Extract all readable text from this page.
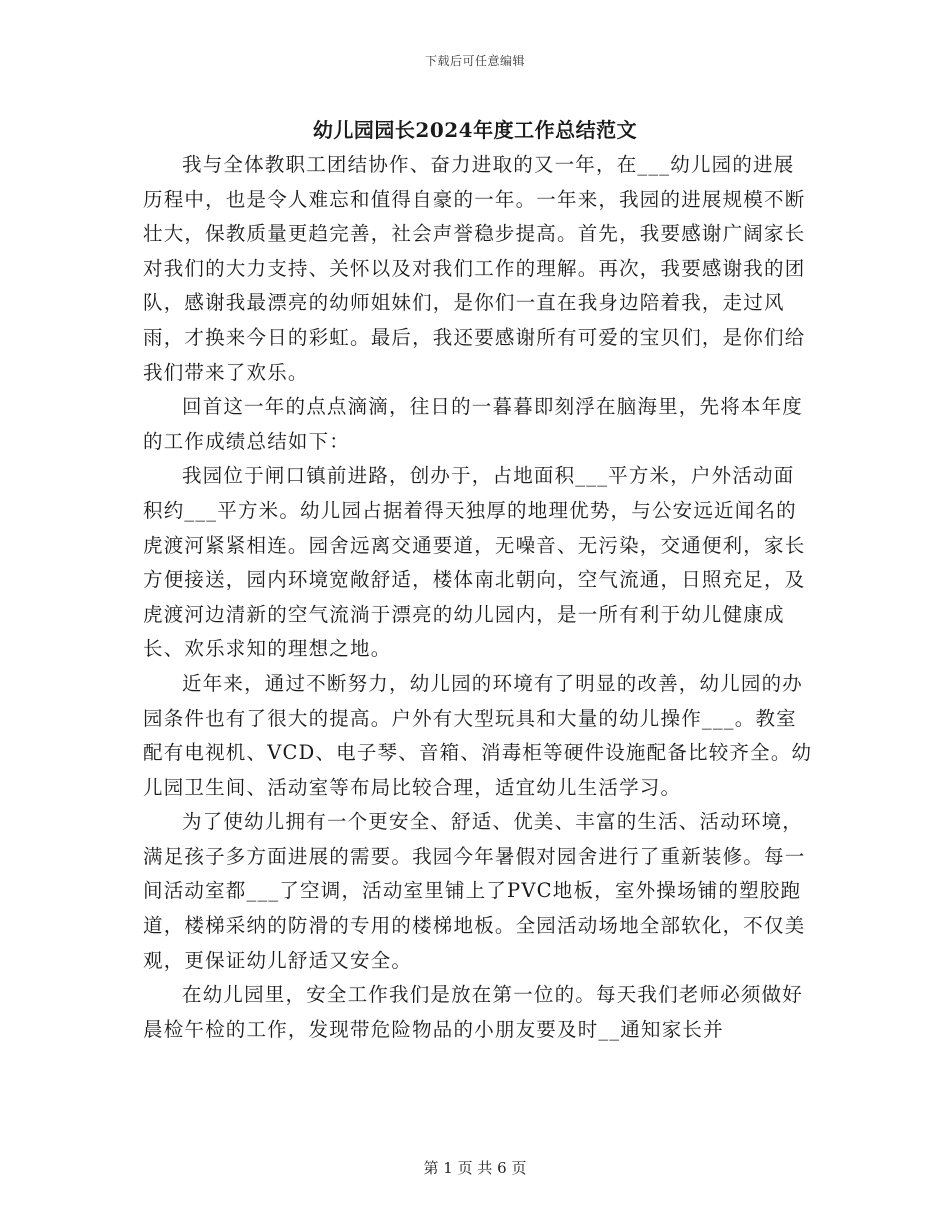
下载后可任意编辑
幼儿园园长2024年度工作总结范文

我与全体教职工团结协作、奋力进取的又一年，在___幼儿园的进展历程中，也是令人难忘和值得自豪的一年。一年来，我园的进展规模不断壮大，保教质量更趋完善，社会声誉稳步提高。首先，我要感谢广阔家长对我们的大力支持、关怀以及对我们工作的理解。再次，我要感谢我的团队，感谢我最漂亮的幼师姐妹们，是你们一直在我身边陪着我，走过风雨，才换来今日的彩虹。最后，我还要感谢所有可爱的宝贝们，是你们给我们带来了欢乐。

回首这一年的点点滴滴，往日的一暮暮即刻浮在脑海里，先将本年度的工作成绩总结如下：

我园位于闸口镇前进路，创办于，占地面积___平方米，户外活动面积约___平方米。幼儿园占据着得天独厚的地理优势，与公安远近闻名的虎渡河紧紧相连。园舍远离交通要道，无噪音、无污染，交通便利，家长方便接送，园内环境宽敞舒适，楼体南北朝向，空气流通，日照充足，及虎渡河边清新的空气流淌于漂亮的幼儿园内，是一所有利于幼儿健康成长、欢乐求知的理想之地。

近年来，通过不断努力，幼儿园的环境有了明显的改善，幼儿园的办园条件也有了很大的提高。户外有大型玩具和大量的幼儿操作___。教室配有电视机、VCD、电子琴、音箱、消毒柜等硬件设施配备比较齐全。幼儿园卫生间、活动室等布局比较合理，适宜幼儿生活学习。

为了使幼儿拥有一个更安全、舒适、优美、丰富的生活、活动环境，满足孩子多方面进展的需要。我园今年暑假对园舍进行了重新装修。每一间活动室都___了空调，活动室里铺上了PVC地板，室外操场铺的塑胶跑道，楼梯采纳的防滑的专用的楼梯地板。全园活动场地全部软化，不仅美观，更保证幼儿舒适又安全。

在幼儿园里，安全工作我们是放在第一位的。每天我们老师必须做好晨检午检的工作，发现带危险物品的小朋友要及时__通知家长并

第 1 页 共 6 页
